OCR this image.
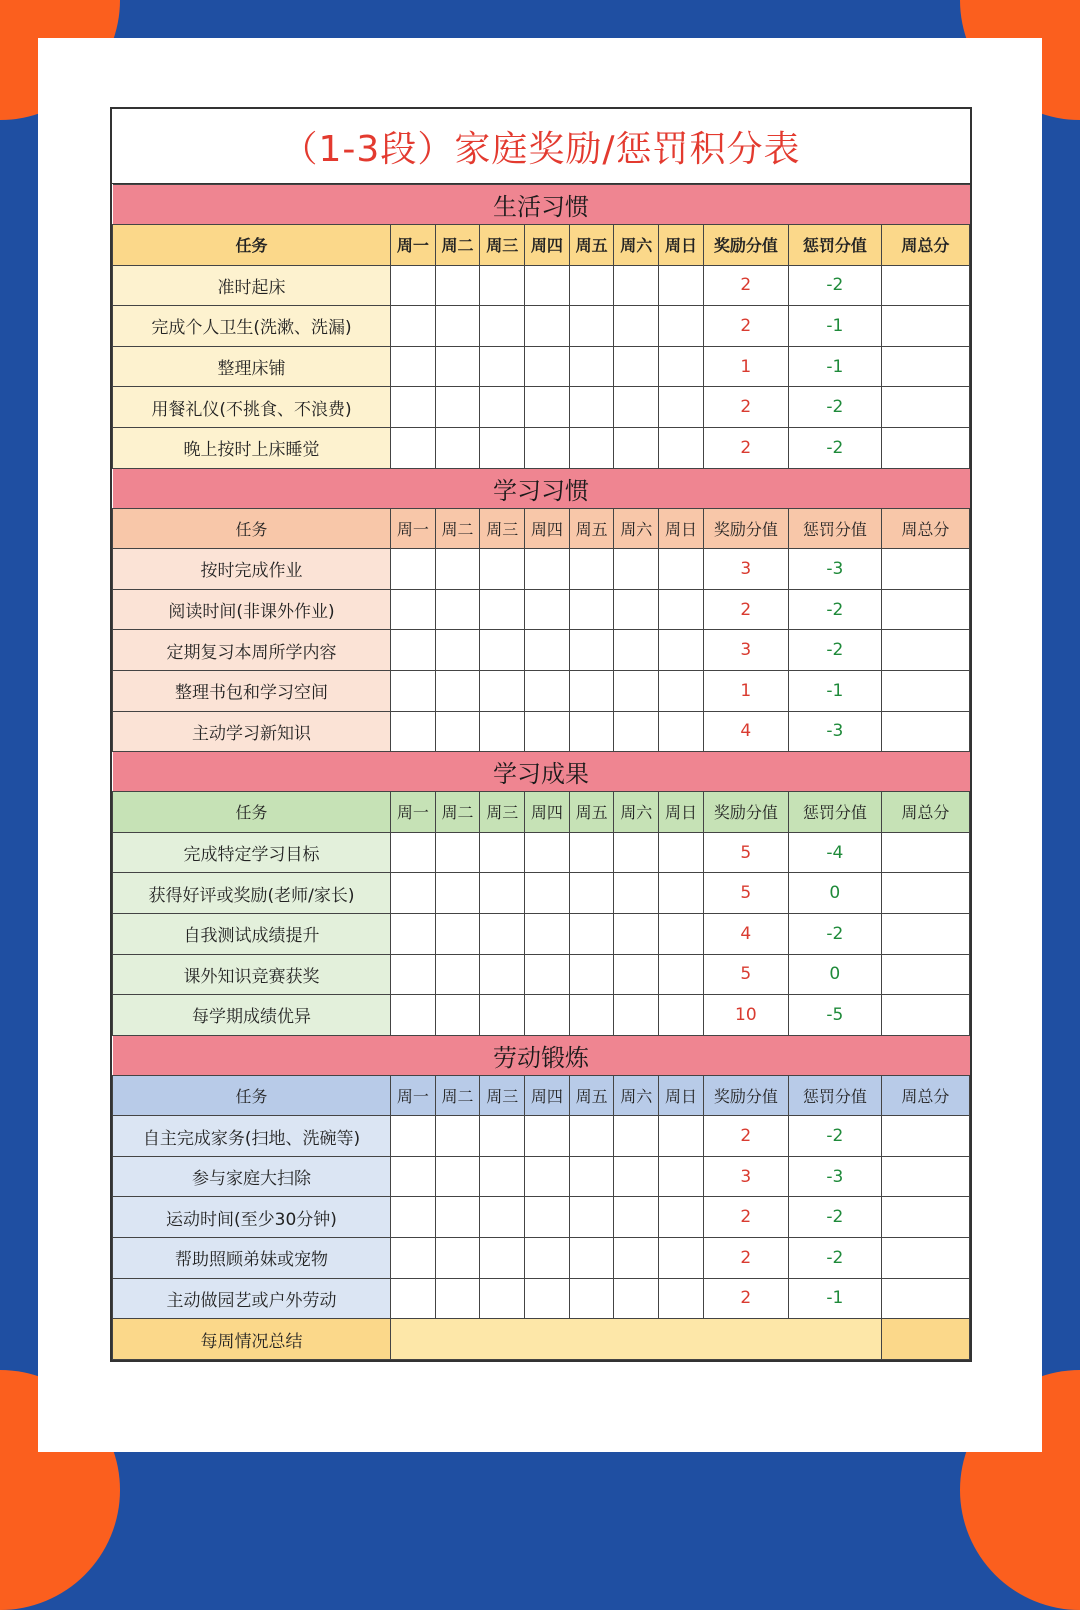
（1-3段）家庭奖励/惩罚积分表
生活习惯										
任务	周一	周二	周三	周四	周五	周六	周日	奖励分值	惩罚分值	周总分
准时起床								2	-2	
完成个人卫生(洗漱、洗漏)								2	-1	
整理床铺								1	-1	
用餐礼仪(不挑食、不浪费)								2	-2	
晚上按时上床睡觉								2	-2	
学习习惯										
任务	周一	周二	周三	周四	周五	周六	周日	奖励分值	惩罚分值	周总分
按时完成作业								3	-3	
阅读时间(非课外作业)								2	-2	
定期复习本周所学内容								3	-2	
整理书包和学习空间								1	-1	
主动学习新知识								4	-3	
学习成果										
任务	周一	周二	周三	周四	周五	周六	周日	奖励分值	惩罚分值	周总分
完成特定学习目标								5	-4	
获得好评或奖励(老师/家长)								5	0	
自我测试成绩提升								4	-2	
课外知识竞赛获奖								5	0	
每学期成绩优异								10	-5	
劳动锻炼										
任务	周一	周二	周三	周四	周五	周六	周日	奖励分值	惩罚分值	周总分
自主完成家务(扫地、洗碗等)								2	-2	
参与家庭大扫除								3	-3	
运动时间(至少30分钟)								2	-2	
帮助照顾弟妹或宠物								2	-2	
主动做园艺或户外劳动								2	-1	
每周情况总结										
